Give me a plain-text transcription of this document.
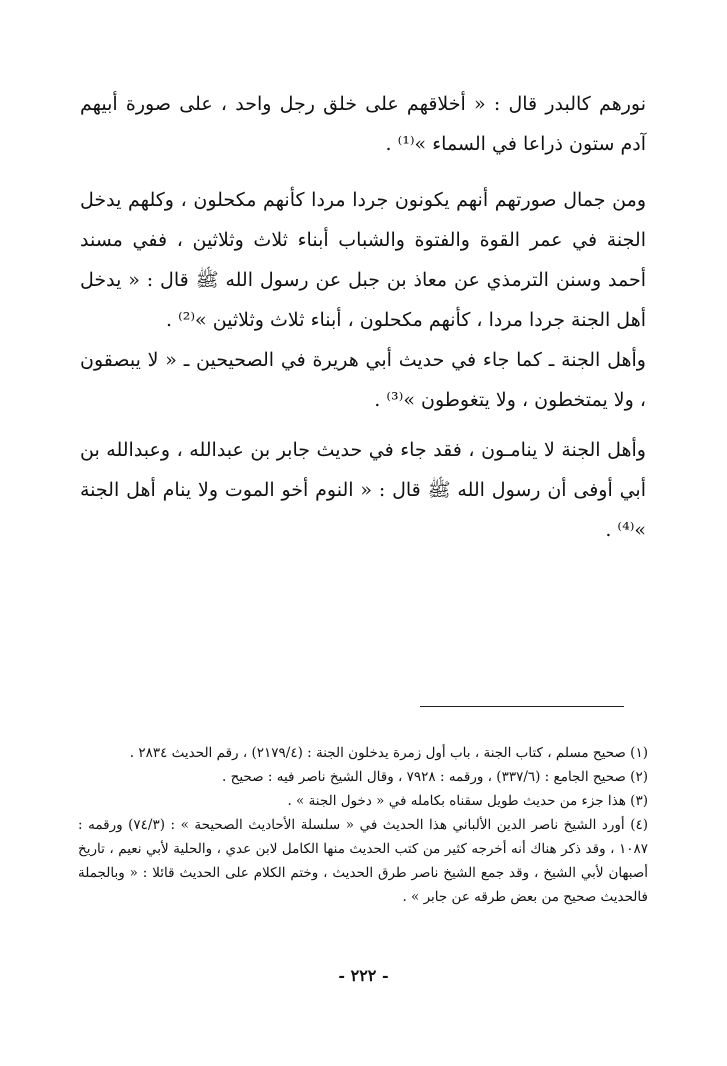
نورهم كالبدر قال : « أخلاقهم على خلق رجل واحد ، على صورة أبيهم آدم ستون ذراعا في السماء »⁽¹⁾ .
ومن جمال صورتهم أنهم يكونون جردا مردا كأنهم مكحلون ، وكلهم يدخل الجنة في عمر القوة والفتوة والشباب أبناء ثلاث وثلاثين ، ففي مسند أحمد وسنن الترمذي عن معاذ بن جبل عن رسول الله ﷺ قال : « يدخل أهل الجنة جردا مردا ، كأنهم مكحلون ، أبناء ثلاث وثلاثين »⁽²⁾ .
وأهل الجنة ـ كما جاء في حديث أبي هريرة في الصحيحين ـ « لا يبصقون ، ولا يمتخطون ، ولا يتغوطون »⁽³⁾ .
وأهل الجنة لا ينامـون ، فقد جاء في حديث جابر بن عبدالله ، وعبدالله بن أبي أوفى أن رسول الله ﷺ قال : « النوم أخو الموت ولا ينام أهل الجنة »⁽⁴⁾ .
(١) صحيح مسلم ، كتاب الجنة ، باب أول زمرة يدخلون الجنة : (٢١٧٩/٤) ، رقم الحديث ٢٨٣٤ .
(٢) صحيح الجامع : (٣٣٧/٦) ، ورقمه : ٧٩٢٨ ، وقال الشيخ ناصر فيه : صحيح .
(٣) هذا جزء من حديث طويل سقناه بكامله في « دخول الجنة » .
(٤) أورد الشيخ ناصر الدين الألباني هذا الحديث في « سلسلة الأحاديث الصحيحة » : (٧٤/٣) ورقمه : ١٠٨٧ ، وقد ذكر هناك أنه أخرجه كثير من كتب الحديث منها الكامل لابن عدي ، والحلية لأبي نعيم ، تاريخ أصبهان لأبي الشيخ ، وقد جمع الشيخ ناصر طرق الحديث ، وختم الكلام على الحديث قائلا : « وبالجملة فالحديث صحيح من بعض طرقه عن جابر » .
- ٢٢٢ -
